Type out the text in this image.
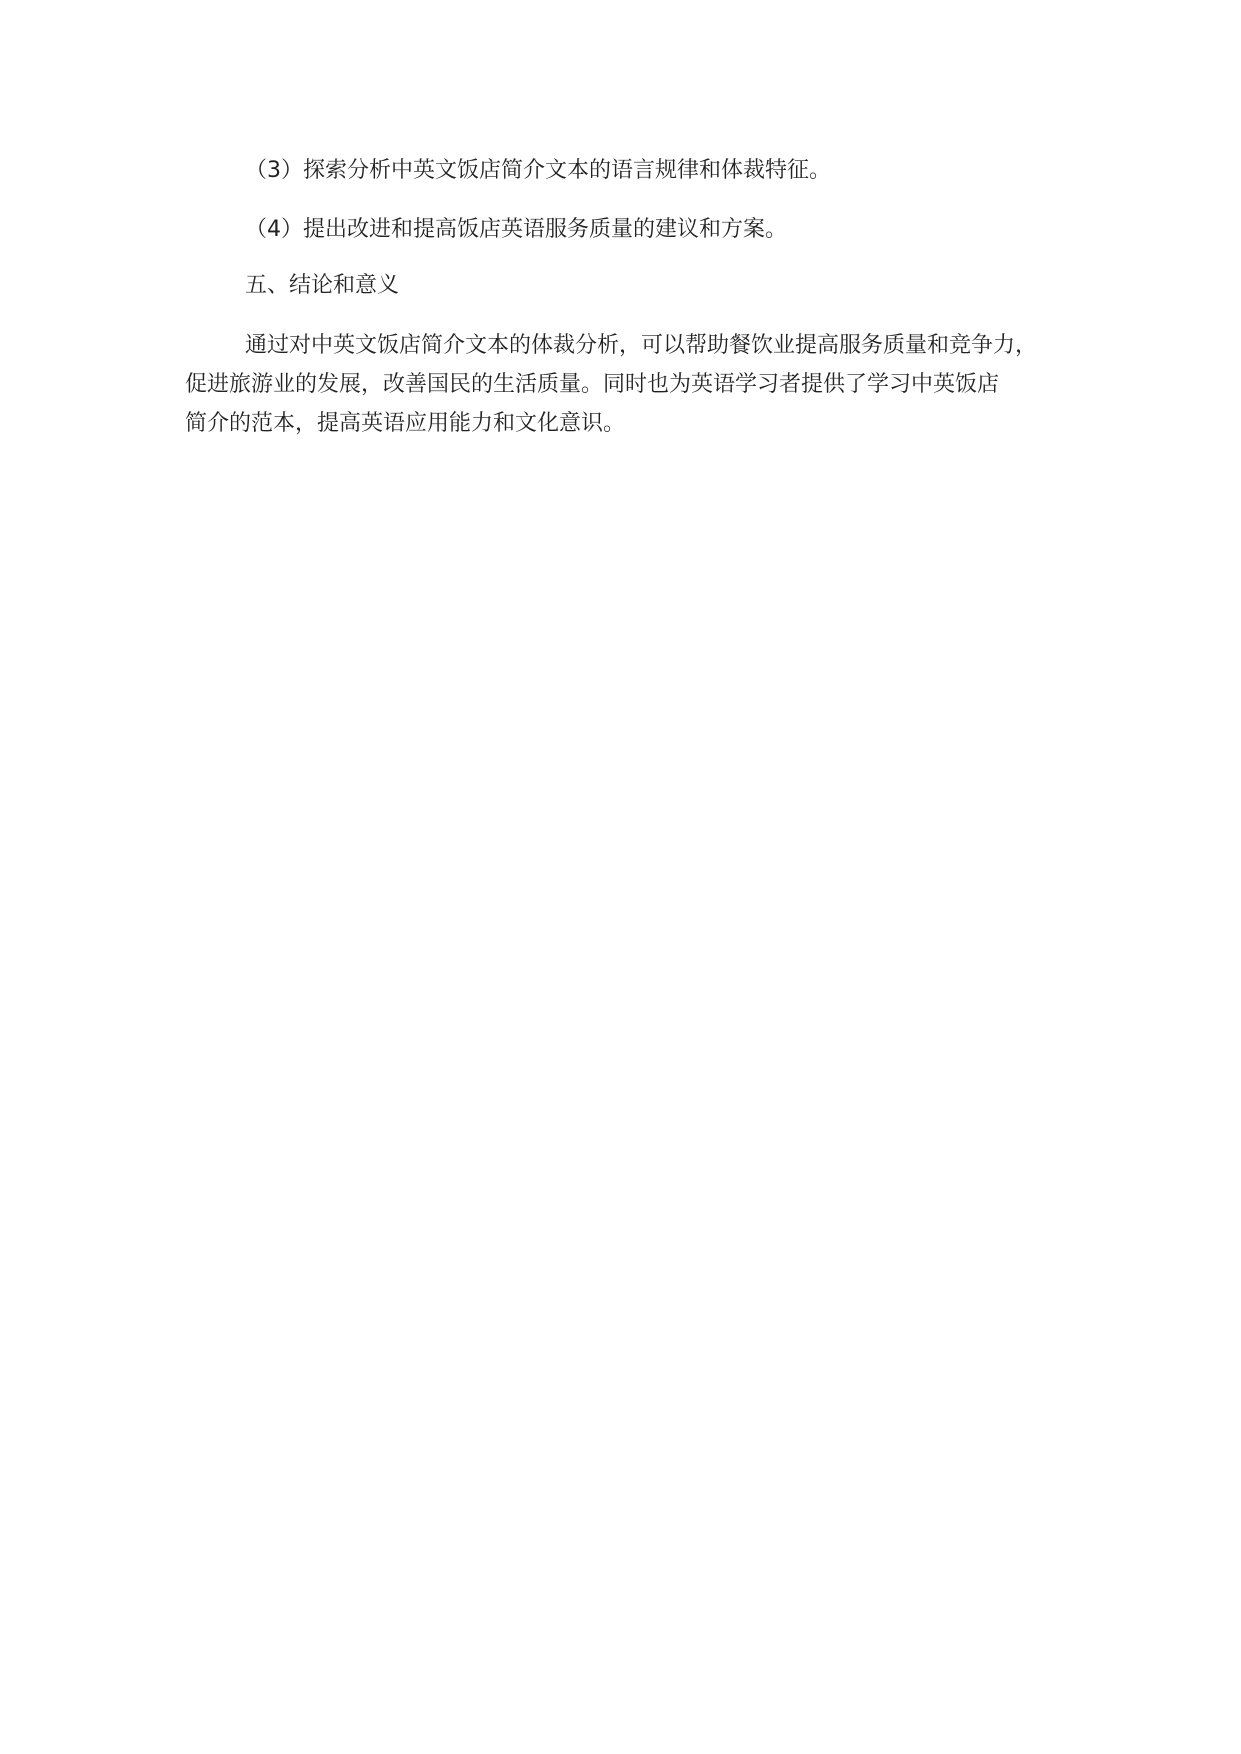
（3）探索分析中英文饭店简介文本的语言规律和体裁特征。

（4）提出改进和提高饭店英语服务质量的建议和方案。

五、结论和意义

通过对中英文饭店简介文本的体裁分析，可以帮助餐饮业提高服务质量和竞争力，

促进旅游业的发展，改善国民的生活质量。同时也为英语学习者提供了学习中英饭店

简介的范本，提高英语应用能力和文化意识。
